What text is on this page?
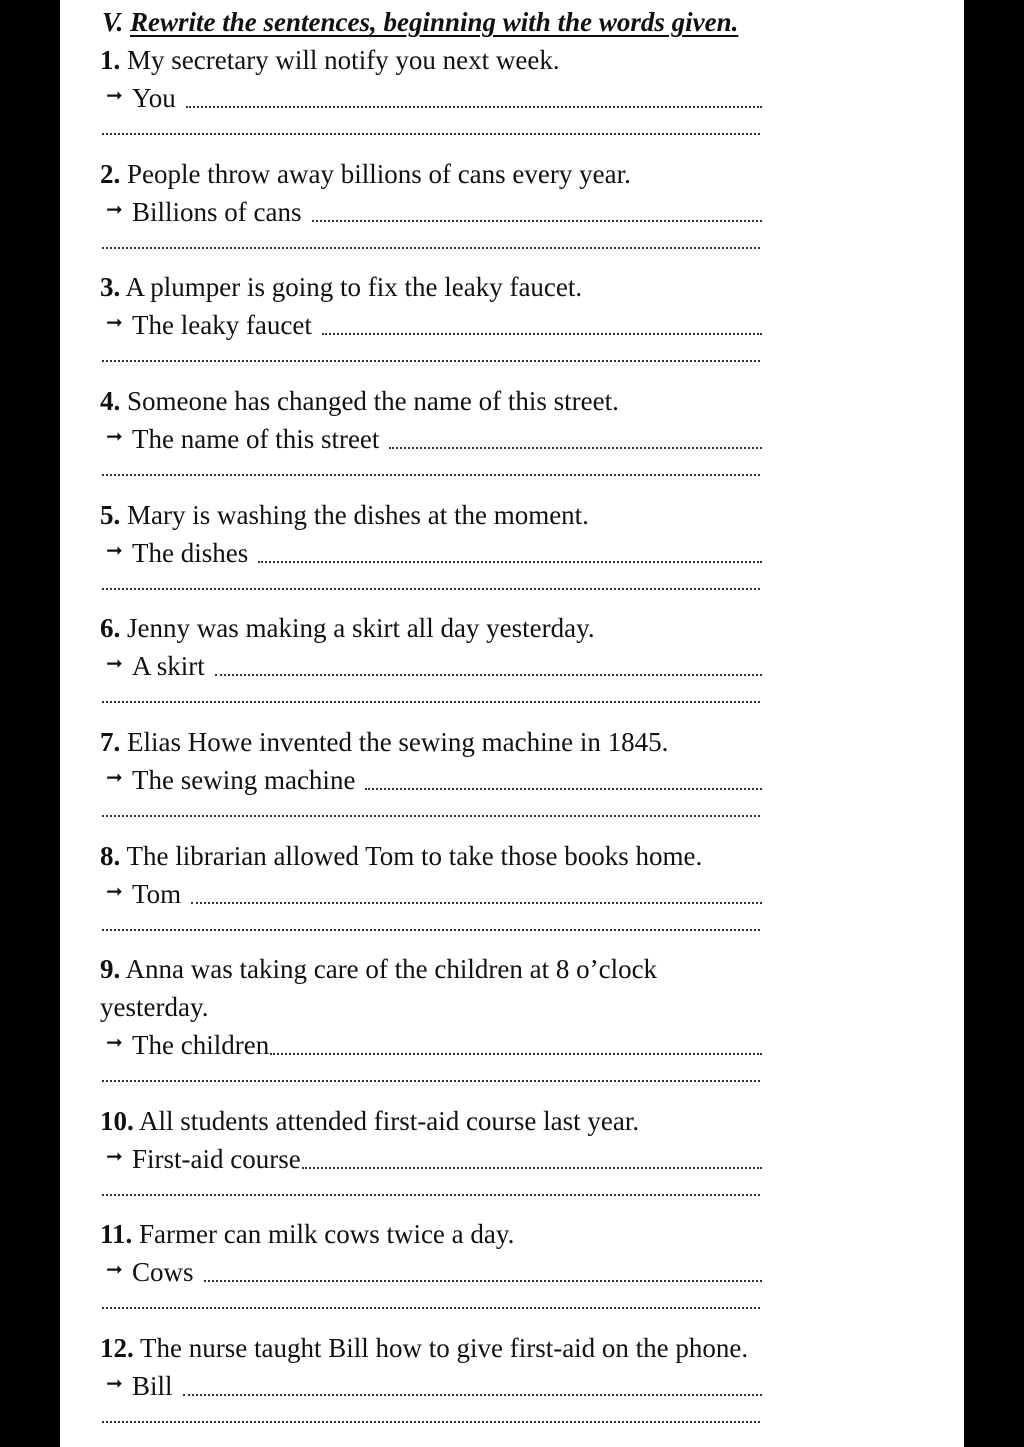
V. Rewrite the sentences, beginning with the words given.
1. My secretary will notify you next week.
➞ You
2. People throw away billions of cans every year.
➞ Billions of cans
3. A plumper is going to fix the leaky faucet.
➞ The leaky faucet
4. Someone has changed the name of this street.
➞ The name of this street
5. Mary is washing the dishes at the moment.
➞ The dishes
6. Jenny was making a skirt all day yesterday.
➞ A skirt
7. Elias Howe invented the sewing machine in 1845.
➞ The sewing machine
8. The librarian allowed Tom to take those books home.
➞ Tom
9. Anna was taking care of the children at 8 o’clock yesterday.
➞ The children
10. All students attended first-aid course last year.
➞ First-aid course
11. Farmer can milk cows twice a day.
➞ Cows
12. The nurse taught Bill how to give first-aid on the phone.
➞ Bill
